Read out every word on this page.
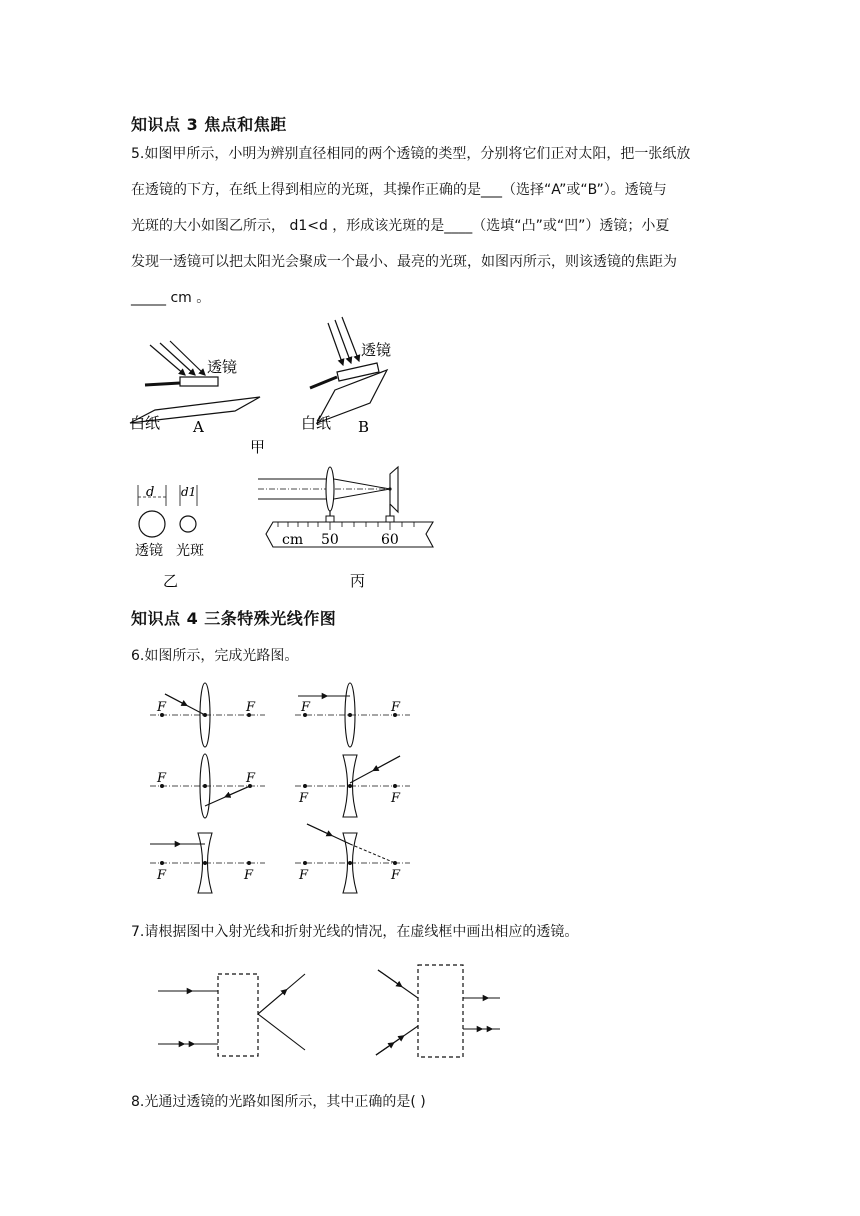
知识点 3 焦点和焦距
5.如图甲所示，小明为辨别直径相同的两个透镜的类型，分别将它们正对太阳，把一张纸放
在透镜的下方，在纸上得到相应的光斑，其操作正确的是___（选择“A”或“B”）。透镜与
光斑的大小如图乙所示， d1<d ，形成该光斑的是____（选填“凸”或“凹”）透镜；小夏
发现一透镜可以把太阳光会聚成一个最小、最亮的光斑，如图丙所示，则该透镜的焦距为
_____ cm 。
透镜
白纸 A
透镜
白纸 B
甲
d d1
透镜 光斑
乙
cm 50	60
丙
知识点 4 三条特殊光线作图
6.如图所示，完成光路图。
F	F	F	F
F	F
F	F
F	F	F	F
7.请根据图中入射光线和折射光线的情况，在虚线框中画出相应的透镜。
8.光通过透镜的光路如图所示，其中正确的是( )
